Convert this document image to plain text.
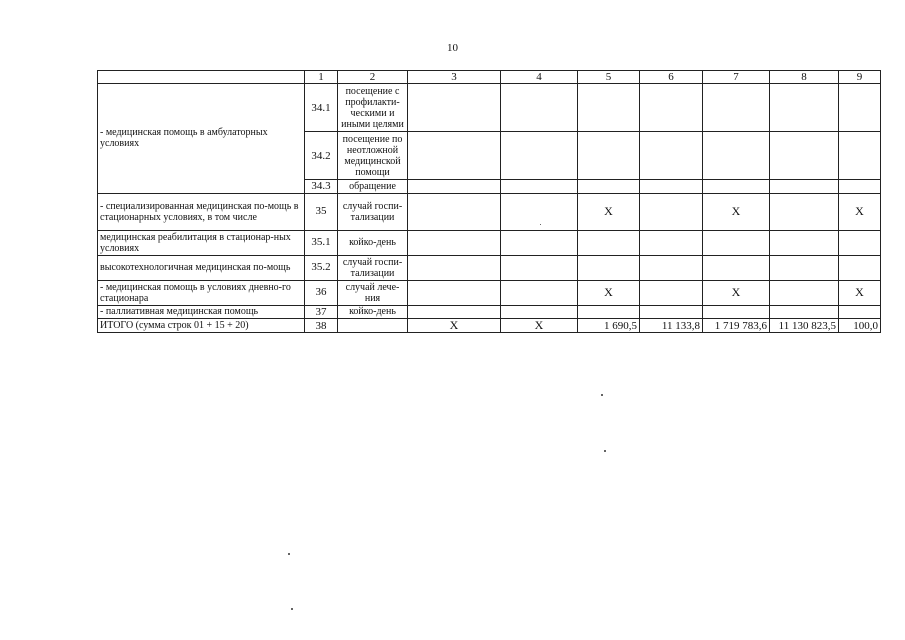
10
	1	2	3	4	5	6	7	8	9
- медицинская помощь в амбулаторных условиях	34.1	посещение с профилакти-ческими и иными целями							
	34.2	посещение по неотложной медицинской помощи							
	34.3	обращение							
- специализированная медицинская по-мощь в стационарных условиях, в том числе	35	случай госпи-тализации			X		X		X
медицинская реабилитация в стационар-ных условиях	35.1	койко-день							
высокотехнологичная медицинская по-мощь	35.2	случай госпи-тализации							
- медицинская помощь в условиях дневно-го стационара	36	случай лече-ния			X		X		X
- паллиативная медицинская помощь	37	койко-день							
ИТОГО (сумма строк 01 + 15 + 20)	38		X	X	1 690,5	11 133,8	1 719 783,6	11 130 823,5	100,0
